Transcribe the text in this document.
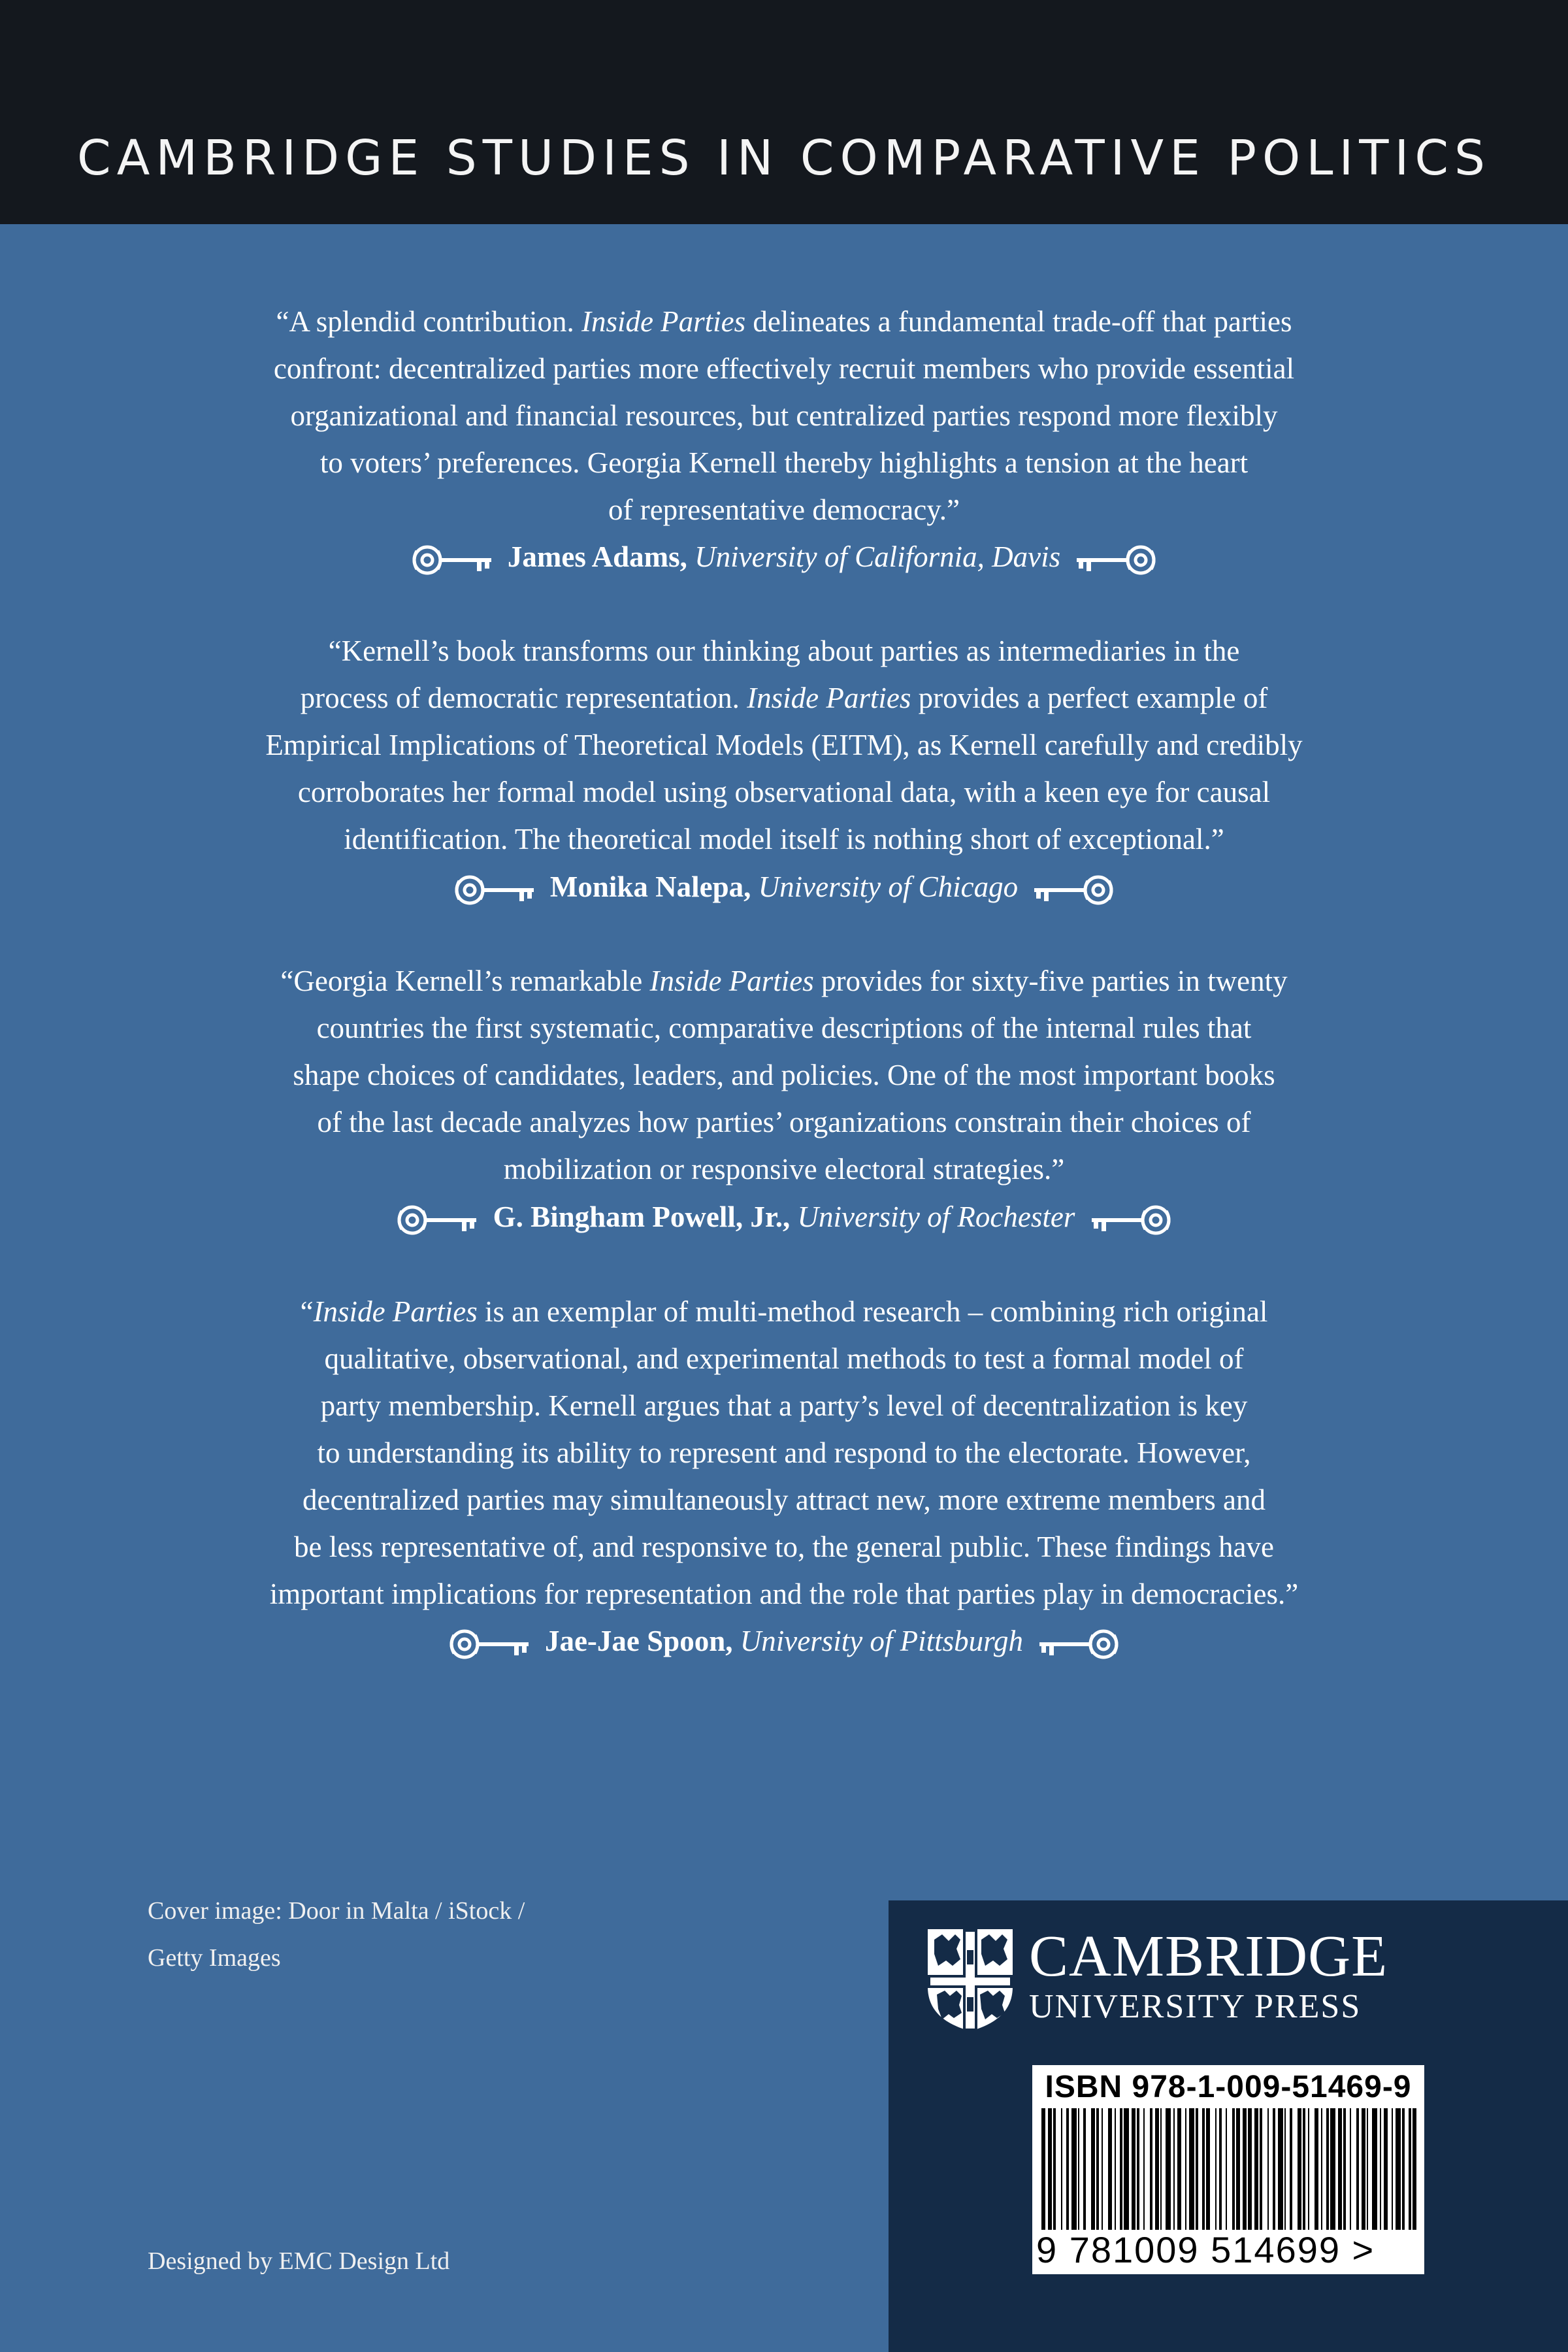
CAMBRIDGE STUDIES IN COMPARATIVE POLITICS
“A splendid contribution. Inside Parties delineates a fundamental trade-off that parties
confront: decentralized parties more effectively recruit members who provide essential
organizational and financial resources, but centralized parties respond more flexibly
to voters’ preferences. Georgia Kernell thereby highlights a tension at the heart
of representative democracy.”
James Adams, University of California, Davis
“Kernell’s book transforms our thinking about parties as intermediaries in the
process of democratic representation. Inside Parties provides a perfect example of
Empirical Implications of Theoretical Models (EITM), as Kernell carefully and credibly
corroborates her formal model using observational data, with a keen eye for causal
identification. The theoretical model itself is nothing short of exceptional.”
Monika Nalepa, University of Chicago
“Georgia Kernell’s remarkable Inside Parties provides for sixty-five parties in twenty
countries the first systematic, comparative descriptions of the internal rules that
shape choices of candidates, leaders, and policies. One of the most important books
of the last decade analyzes how parties’ organizations constrain their choices of
mobilization or responsive electoral strategies.”
G. Bingham Powell, Jr., University of Rochester
“Inside Parties is an exemplar of multi-method research – combining rich original
qualitative, observational, and experimental methods to test a formal model of
party membership. Kernell argues that a party’s level of decentralization is key
to understanding its ability to represent and respond to the electorate. However,
decentralized parties may simultaneously attract new, more extreme members and
be less representative of, and responsive to, the general public. These findings have
important implications for representation and the role that parties play in democracies.”
Jae-Jae Spoon, University of Pittsburgh
Cover image: Door in Malta / iStock /
Getty Images
Designed by EMC Design Ltd
CAMBRIDGE
UNIVERSITY PRESS
ISBN 978-1-009-51469-9
9 781009 514699 >
